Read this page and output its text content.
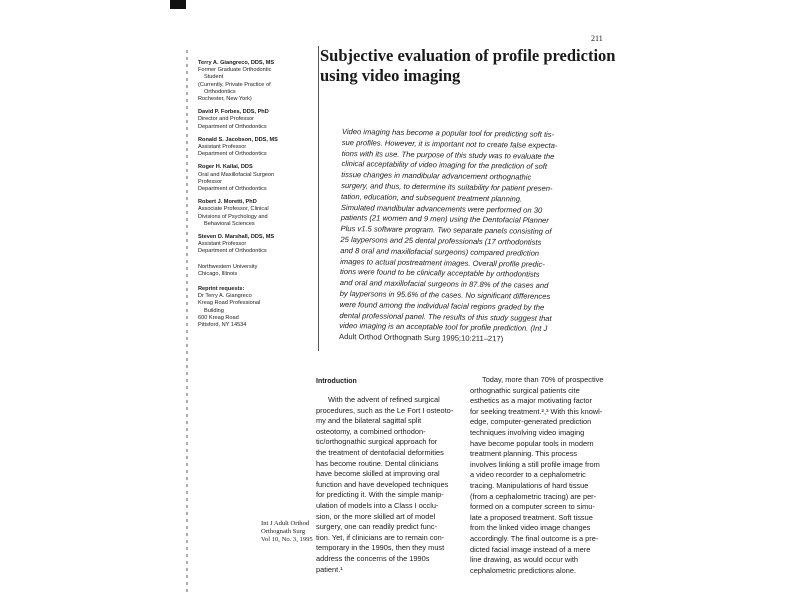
211
Subjective evaluation of profile prediction
using video imaging
Terry A. Giangreco, DDS, MS
Former Graduate Orthodontic
Student
(Currently, Private Practice of
Orthodontics
Rochester, New York)
David P. Forbes, DDS, PhD
Director and Professor
Department of Orthodontics
Ronald S. Jacobson, DDS, MS
Assistant Professor
Department of Orthodontics
Roger H. Kallal, DDS
Oral and Maxillofacial Surgeon
Professor
Department of Orthodontics
Robert J. Moretti, PhD
Associate Professor, Clinical
Divisions of Psychology and
Behavioral Sciences
Steven D. Marshall, DDS, MS
Assistant Professor
Department of Orthodontics
Northwestern University
Chicago, Illinois
Reprint requests:
Dr Terry A. Giangreco
Kreag Road Professional
Building
600 Kreag Road
Pittsford, NY 14534
Video imaging has become a popular tool for predicting soft tis-
sue profiles. However, it is important not to create false expecta-
tions with its use. The purpose of this study was to evaluate the
clinical acceptability of video imaging for the prediction of soft
tissue changes in mandibular advancement orthognathic
surgery, and thus, to determine its suitability for patient presen-
tation, education, and subsequent treatment planning.
Simulated mandibular advancements were performed on 30
patients (21 women and 9 men) using the Dentofacial Planner
Plus v1.5 software program. Two separate panels consisting of
25 laypersons and 25 dental professionals (17 orthodontists
and 8 oral and maxillofacial surgeons) compared prediction
images to actual postreatment images. Overall profile predic-
tions were found to be clinically acceptable by orthodontists
and oral and maxillofacial surgeons in 87.8% of the cases and
by laypersons in 95.6% of the cases. No significant differences
were found among the individual facial regions graded by the
dental professional panel. The results of this study suggest that
video imaging is an acceptable tool for profile prediction. (Int J
Adult Orthod Orthognath Surg 1995;10:211–217)
Introduction
With the advent of refined surgical
procedures, such as the Le Fort I osteoto-
my and the bilateral sagittal split
osteotomy, a combined orthodon-
tic/orthognathic surgical approach for
the treatment of dentofacial deformities
has become routine. Dental clinicians
have become skilled at improving oral
function and have developed techniques
for predicting it. With the simple manip-
ulation of models into a Class I occlu-
sion, or the more skilled art of model
surgery, one can readily predict func-
tion. Yet, if clinicians are to remain con-
temporary in the 1990s, then they must
address the concerns of the 1990s
patient.¹
Today, more than 70% of prospective
orthognathic surgical patients cite
esthetics as a major motivating factor
for seeking treatment.²,³ With this knowl-
edge, computer-generated prediction
techniques involving video imaging
have become popular tools in modern
treatment planning. This process
involves linking a still profile image from
a video recorder to a cephalometric
tracing. Manipulations of hard tissue
(from a cephalometric tracing) are per-
formed on a computer screen to simu-
late a proposed treatment. Soft tissue
from the linked video image changes
accordingly. The final outcome is a pre-
dicted facial image instead of a mere
line drawing, as would occur with
cephalometric predictions alone.
Int J Adult Orthod
Orthognath Surg
Vol 10, No. 3, 1995
